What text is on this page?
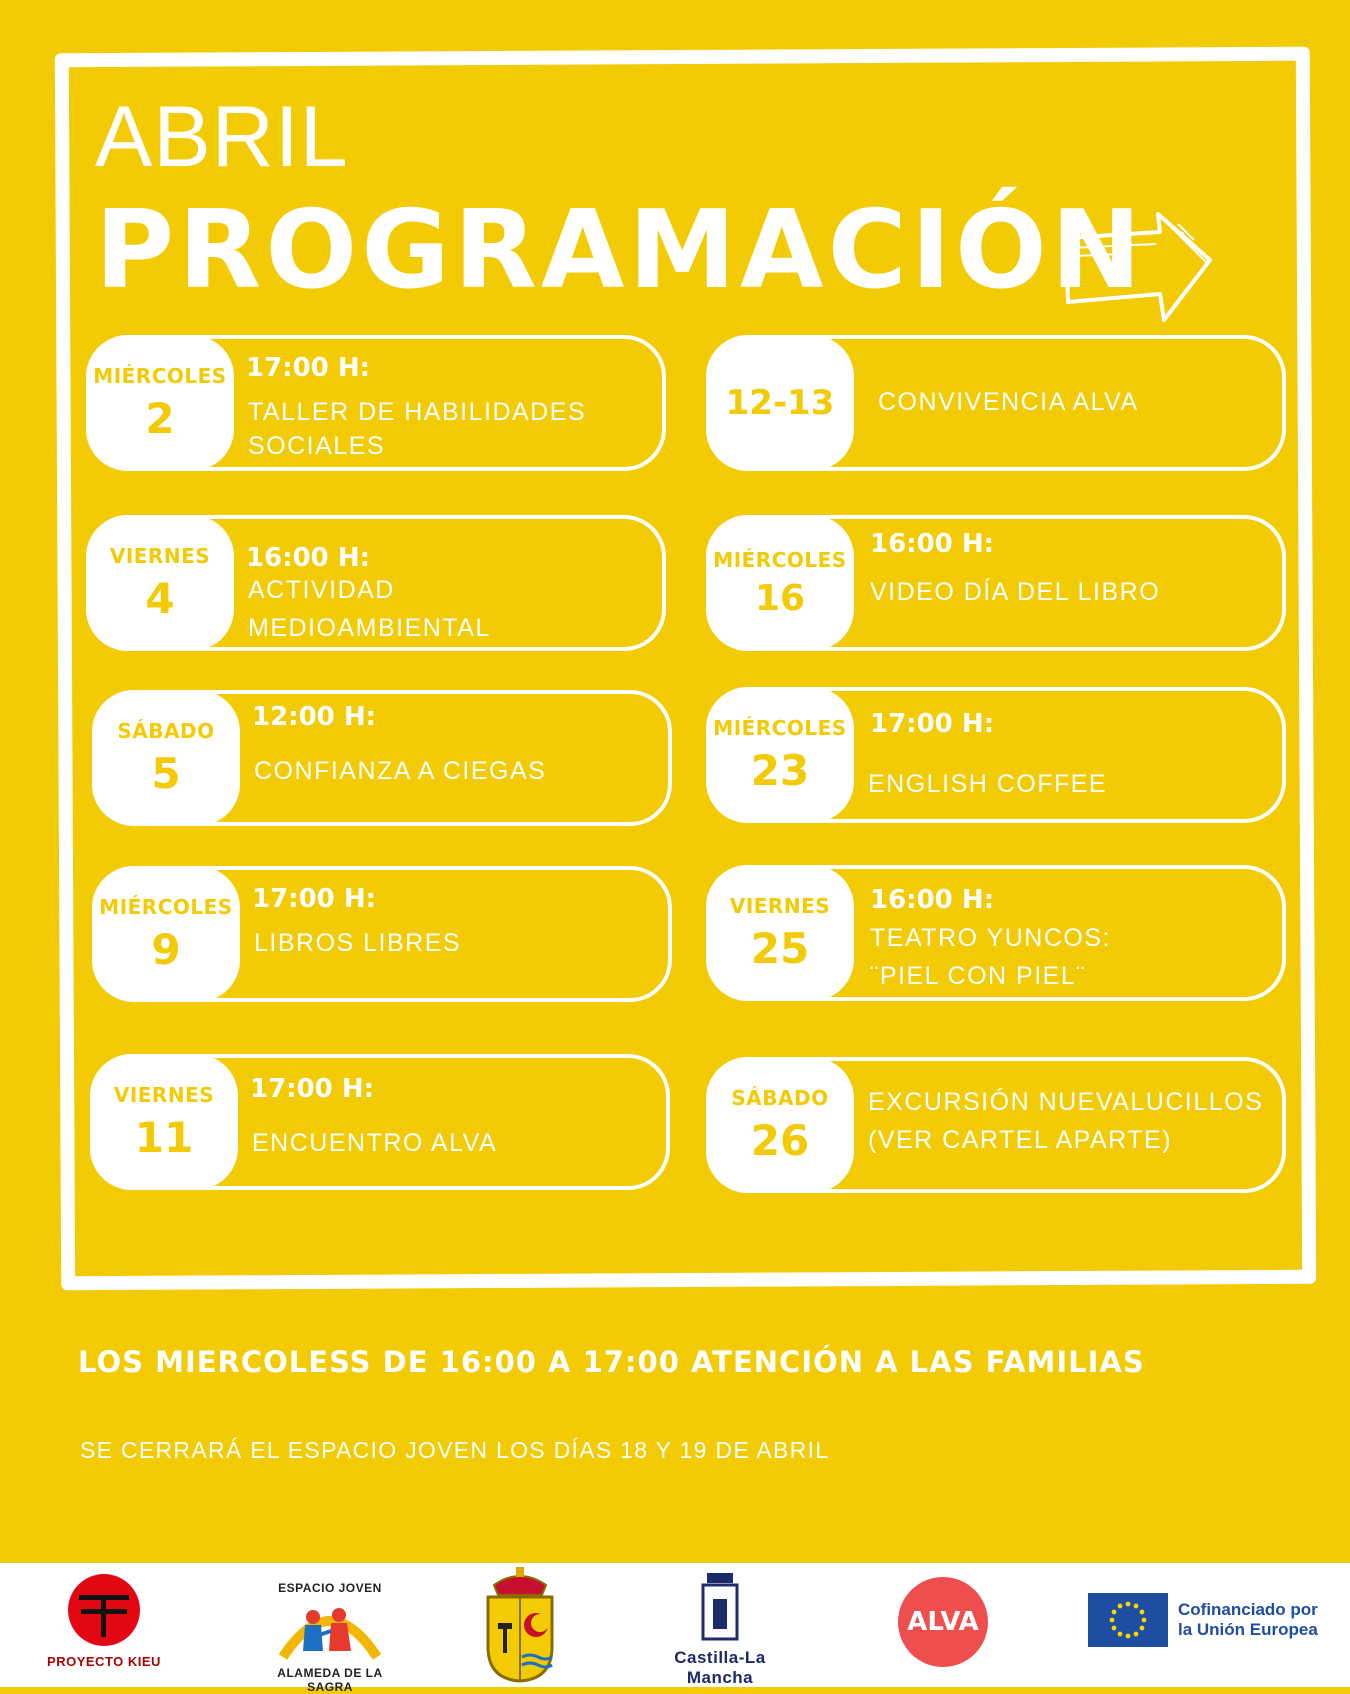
ABRIL
PROGRAMACIÓN
MIÉRCOLES
2
17:00 H:
TALLER DE HABILIDADES SOCIALES
VIERNES
4
16:00 H:
ACTIVIDAD MEDIOAMBIENTAL
SÁBADO
5
12:00 H:
CONFIANZA A CIEGAS
MIÉRCOLES
9
17:00 H:
LIBROS LIBRES
VIERNES
11
17:00 H:
ENCUENTRO ALVA
12-13 CONVIVENCIA ALVA
MIÉRCOLES
16
16:00 H:
VIDEO DÍA DEL LIBRO
MIÉRCOLES
23
17:00 H:
ENGLISH COFFEE
VIERNES
25
16:00 H:
TEATRO YUNCOS: ¨PIEL CON PIEL¨
SÁBADO
26
EXCURSIÓN NUEVALUCILLOS (VER CARTEL APARTE)

LOS MIERCOLESS DE 16:00 A 17:00 ATENCIÓN A LAS FAMILIAS

SE CERRARÁ EL ESPACIO JOVEN LOS DÍAS 18 Y 19 DE ABRIL

PROYECTO KIEU
ESPACIO JOVEN
ALAMEDA DE LA SAGRA
Castilla-La Mancha
ALVA	Cofinanciado por
la Unión Europea
